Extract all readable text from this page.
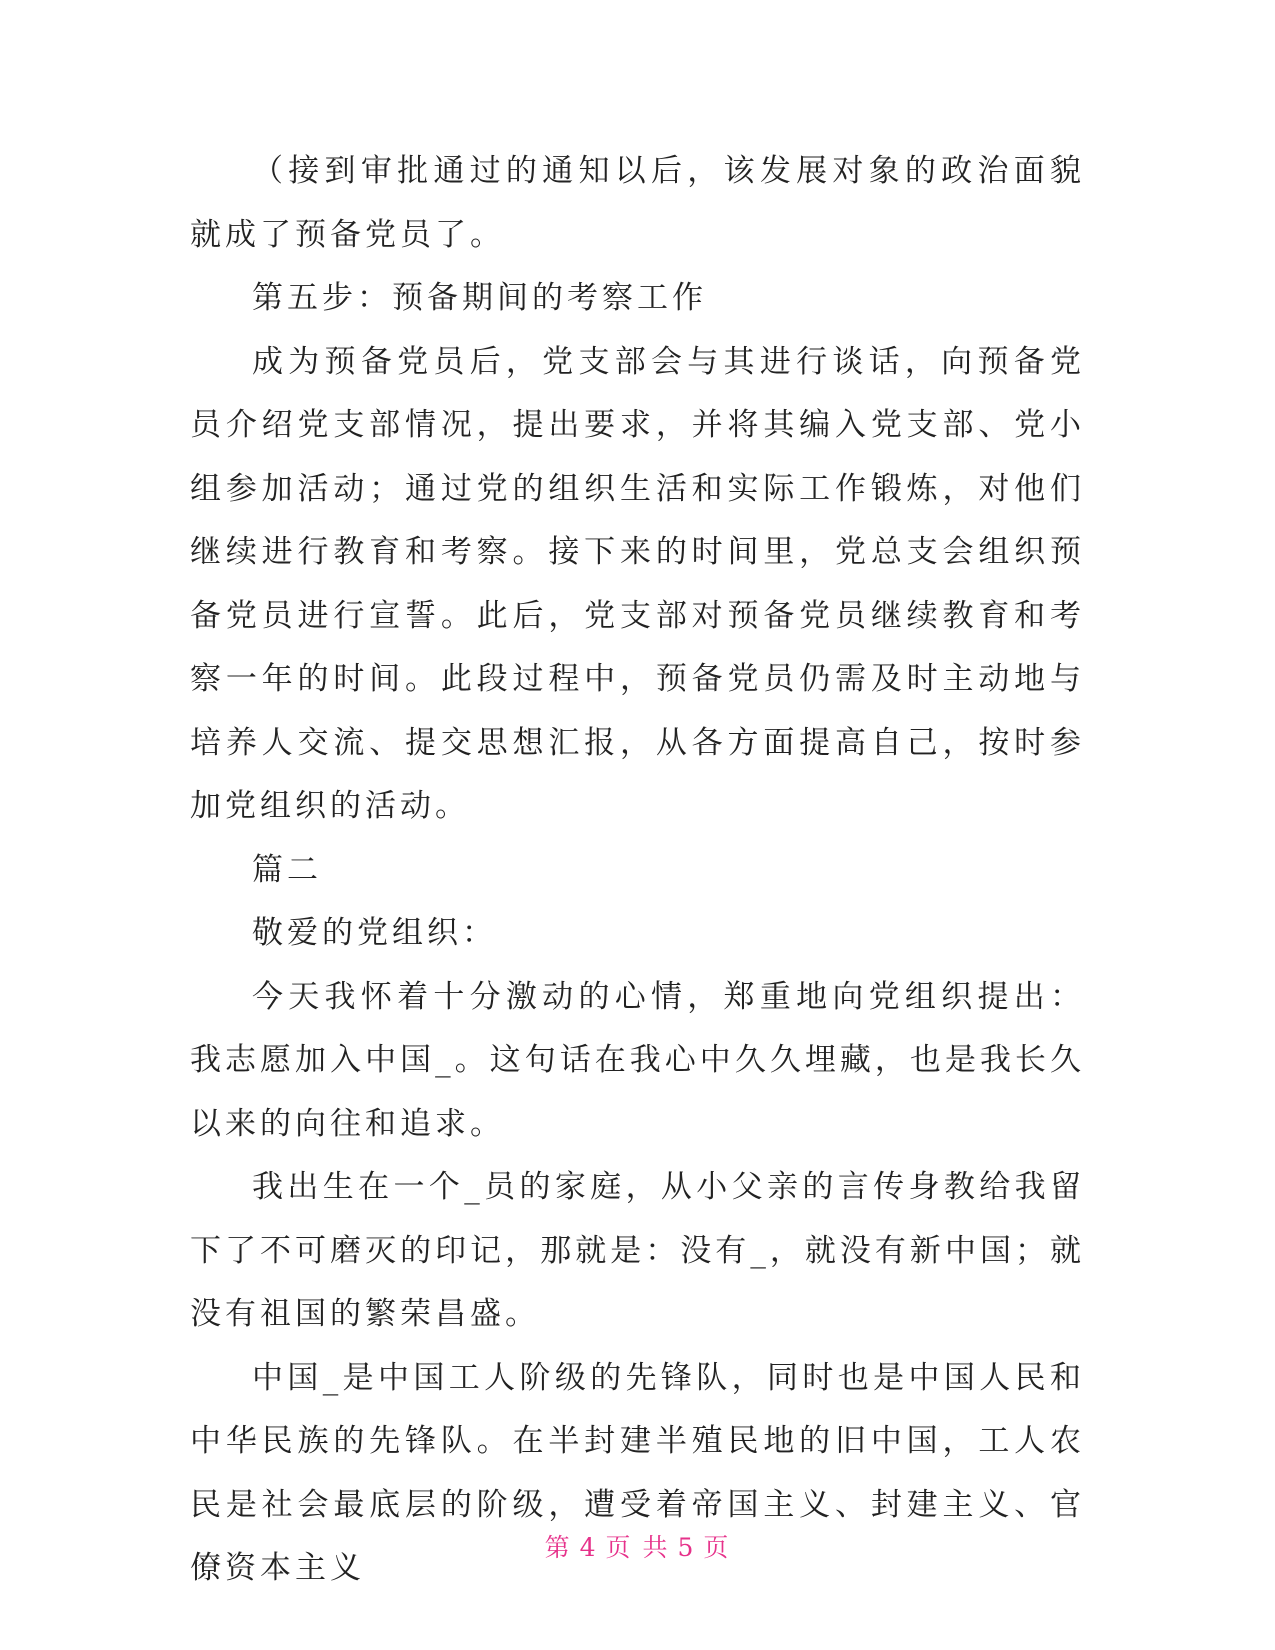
（接到审批通过的通知以后，该发展对象的政治面貌就成了预备党员了。

第五步：预备期间的考察工作

成为预备党员后，党支部会与其进行谈话，向预备党员介绍党支部情况，提出要求，并将其编入党支部、党小组参加活动；通过党的组织生活和实际工作锻炼，对他们继续进行教育和考察。接下来的时间里，党总支会组织预备党员进行宣誓。此后，党支部对预备党员继续教育和考察一年的时间。此段过程中，预备党员仍需及时主动地与培养人交流、提交思想汇报，从各方面提高自己，按时参加党组织的活动。

篇二

敬爱的党组织：

今天我怀着十分激动的心情，郑重地向党组织提出：我志愿加入中国_。这句话在我心中久久埋藏，也是我长久以来的向往和追求。

我出生在一个_员的家庭，从小父亲的言传身教给我留下了不可磨灭的印记，那就是：没有_，就没有新中国；就没有祖国的繁荣昌盛。

中国_是中国工人阶级的先锋队，同时也是中国人民和中华民族的先锋队。在半封建半殖民地的旧中国，工人农民是社会最底层的阶级，遭受着帝国主义、封建主义、官僚资本主义

第 4 页 共 5 页
